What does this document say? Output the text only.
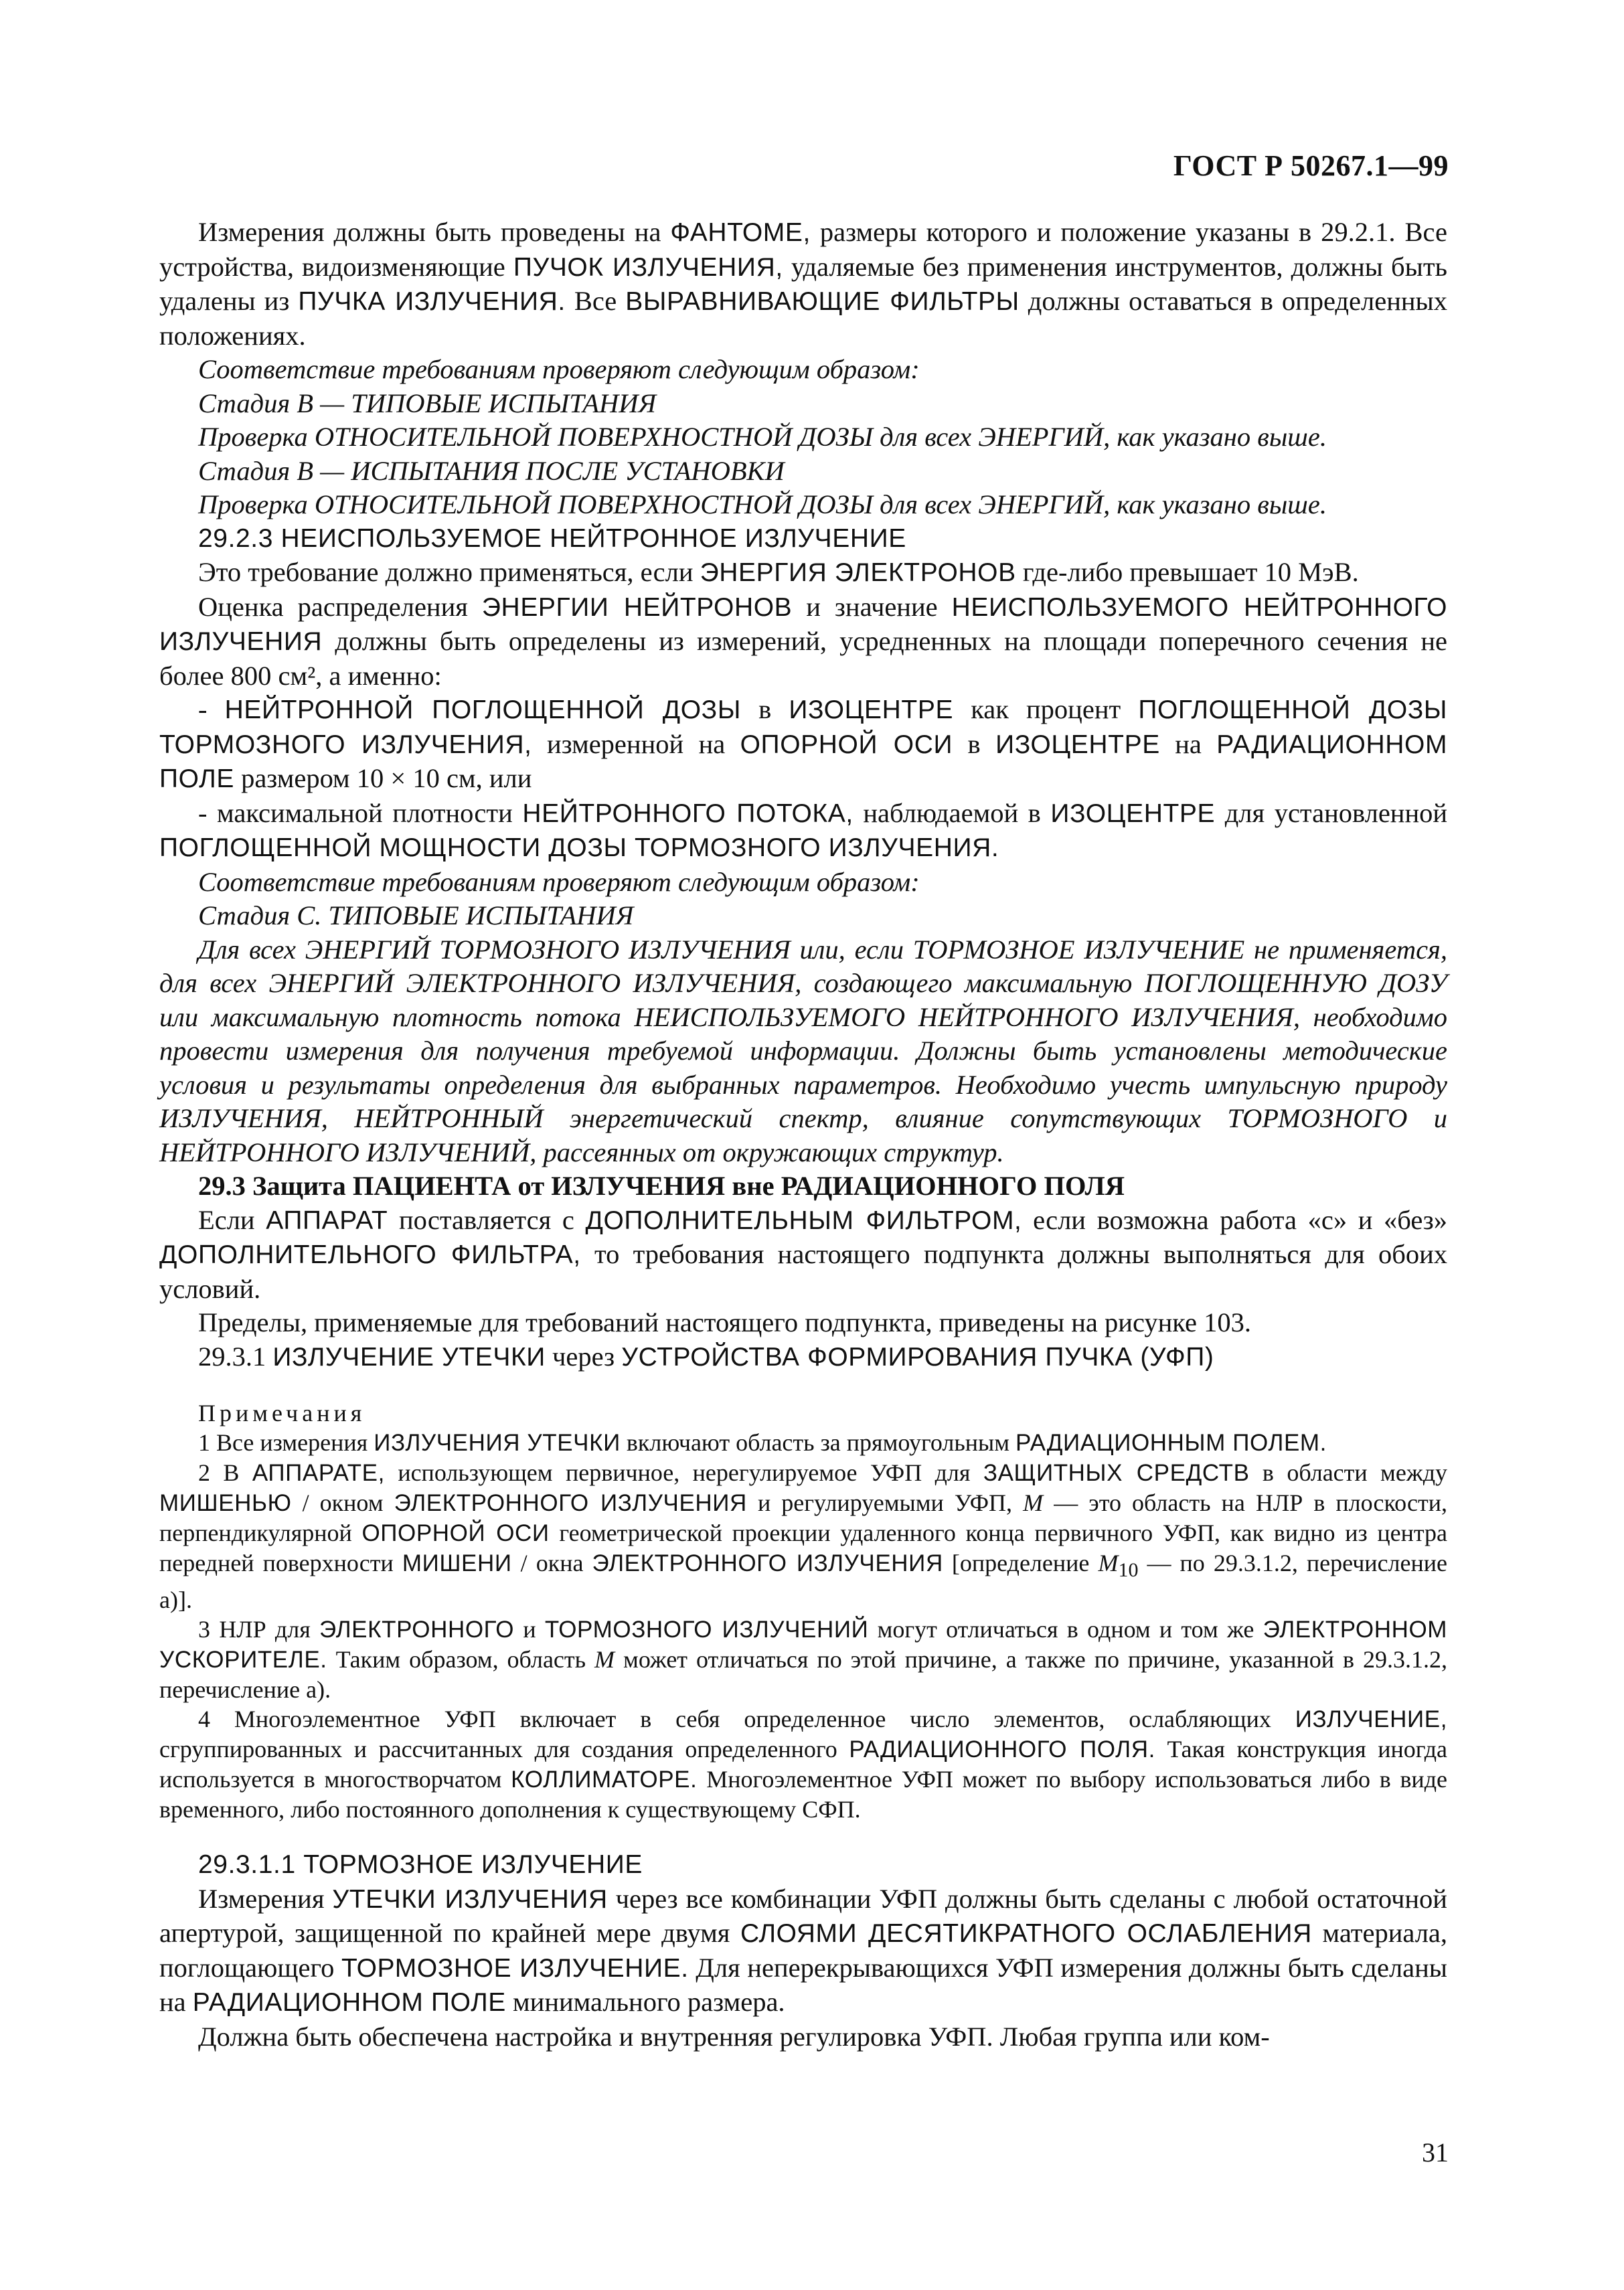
ГОСТ Р 50267.1—99

Измерения должны быть проведены на ФАНТОМЕ, размеры которого и положение указаны в 29.2.1. Все устройства, видоизменяющие ПУЧОК ИЗЛУЧЕНИЯ, удаляемые без применения инструментов, должны быть удалены из ПУЧКА ИЗЛУЧЕНИЯ. Все ВЫРАВНИВАЮЩИЕ ФИЛЬТРЫ должны оставаться в определенных положениях.

Соответствие требованиям проверяют следующим образом:

Стадия В — ТИПОВЫЕ ИСПЫТАНИЯ

Проверка ОТНОСИТЕЛЬНОЙ ПОВЕРХНОСТНОЙ ДОЗЫ для всех ЭНЕРГИЙ, как указано выше.

Стадия В — ИСПЫТАНИЯ ПОСЛЕ УСТАНОВКИ

Проверка ОТНОСИТЕЛЬНОЙ ПОВЕРХНОСТНОЙ ДОЗЫ для всех ЭНЕРГИЙ, как указано выше.

29.2.3 НЕИСПОЛЬЗУЕМОЕ НЕЙТРОННОЕ ИЗЛУЧЕНИЕ

Это требование должно применяться, если ЭНЕРГИЯ ЭЛЕКТРОНОВ где-либо превышает 10 МэВ.

Оценка распределения ЭНЕРГИИ НЕЙТРОНОВ и значение НЕИСПОЛЬЗУЕМОГО НЕЙТРОННОГО ИЗЛУЧЕНИЯ должны быть определены из измерений, усредненных на площади поперечного сечения не более 800 см², а именно:

- НЕЙТРОННОЙ ПОГЛОЩЕННОЙ ДОЗЫ в ИЗОЦЕНТРЕ как процент ПОГЛОЩЕННОЙ ДОЗЫ ТОРМОЗНОГО ИЗЛУЧЕНИЯ, измеренной на ОПОРНОЙ ОСИ в ИЗОЦЕНТРЕ на РАДИАЦИОННОМ ПОЛЕ размером 10 × 10 см, или

- максимальной плотности НЕЙТРОННОГО ПОТОКА, наблюдаемой в ИЗОЦЕНТРЕ для установленной ПОГЛОЩЕННОЙ МОЩНОСТИ ДОЗЫ ТОРМОЗНОГО ИЗЛУЧЕНИЯ.

Соответствие требованиям проверяют следующим образом:

Стадия С. ТИПОВЫЕ ИСПЫТАНИЯ

Для всех ЭНЕРГИЙ ТОРМОЗНОГО ИЗЛУЧЕНИЯ или, если ТОРМОЗНОЕ ИЗЛУЧЕНИЕ не применяется, для всех ЭНЕРГИЙ ЭЛЕКТРОННОГО ИЗЛУЧЕНИЯ, создающего максимальную ПОГЛОЩЕННУЮ ДОЗУ или максимальную плотность потока НЕИСПОЛЬЗУЕМОГО НЕЙТРОННОГО ИЗЛУЧЕНИЯ, необходимо провести измерения для получения требуемой информации. Должны быть установлены методические условия и результаты определения для выбранных параметров. Необходимо учесть импульсную природу ИЗЛУЧЕНИЯ, НЕЙТРОННЫЙ энергетический спектр, влияние сопутствующих ТОРМОЗНОГО и НЕЙТРОННОГО ИЗЛУЧЕНИЙ, рассеянных от окружающих структур.

29.3 Защита ПАЦИЕНТА от ИЗЛУЧЕНИЯ вне РАДИАЦИОННОГО ПОЛЯ

Если АППАРАТ поставляется с ДОПОЛНИТЕЛЬНЫМ ФИЛЬТРОМ, если возможна работа «с» и «без» ДОПОЛНИТЕЛЬНОГО ФИЛЬТРА, то требования настоящего подпункта должны выполняться для обоих условий.

Пределы, применяемые для требований настоящего подпункта, приведены на рисунке 103.

29.3.1 ИЗЛУЧЕНИЕ УТЕЧКИ через УСТРОЙСТВА ФОРМИРОВАНИЯ ПУЧКА (УФП)

Примечания

1 Все измерения ИЗЛУЧЕНИЯ УТЕЧКИ включают область за прямоугольным РАДИАЦИОННЫМ ПОЛЕМ.

2 В АППАРАТЕ, использующем первичное, нерегулируемое УФП для ЗАЩИТНЫХ СРЕДСТВ в области между МИШЕНЬЮ / окном ЭЛЕКТРОННОГО ИЗЛУЧЕНИЯ и регулируемыми УФП, M — это область на НЛР в плоскости, перпендикулярной ОПОРНОЙ ОСИ геометрической проекции удаленного конца первичного УФП, как видно из центра передней поверхности МИШЕНИ / окна ЭЛЕКТРОННОГО ИЗЛУЧЕНИЯ [определение $M_{10}$ — по 29.3.1.2, перечисление а)].

3 НЛР для ЭЛЕКТРОННОГО и ТОРМОЗНОГО ИЗЛУЧЕНИЙ могут отличаться в одном и том же ЭЛЕКТРОННОМ УСКОРИТЕЛЕ. Таким образом, область M может отличаться по этой причине, а также по причине, указанной в 29.3.1.2, перечисление а).

4 Многоэлементное УФП включает в себя определенное число элементов, ослабляющих ИЗЛУЧЕНИЕ, сгруппированных и рассчитанных для создания определенного РАДИАЦИОННОГО ПОЛЯ. Такая конструкция иногда используется в многостворчатом КОЛЛИМАТОРЕ. Многоэлементное УФП может по выбору использоваться либо в виде временного, либо постоянного дополнения к существующему СФП.

29.3.1.1 ТОРМОЗНОЕ ИЗЛУЧЕНИЕ

Измерения УТЕЧКИ ИЗЛУЧЕНИЯ через все комбинации УФП должны быть сделаны с любой остаточной апертурой, защищенной по крайней мере двумя СЛОЯМИ ДЕСЯТИКРАТНОГО ОСЛАБЛЕНИЯ материала, поглощающего ТОРМОЗНОЕ ИЗЛУЧЕНИЕ. Для неперекрывающихся УФП измерения должны быть сделаны на РАДИАЦИОННОМ ПОЛЕ минимального размера.

Должна быть обеспечена настройка и внутренняя регулировка УФП. Любая группа или ком-

31
